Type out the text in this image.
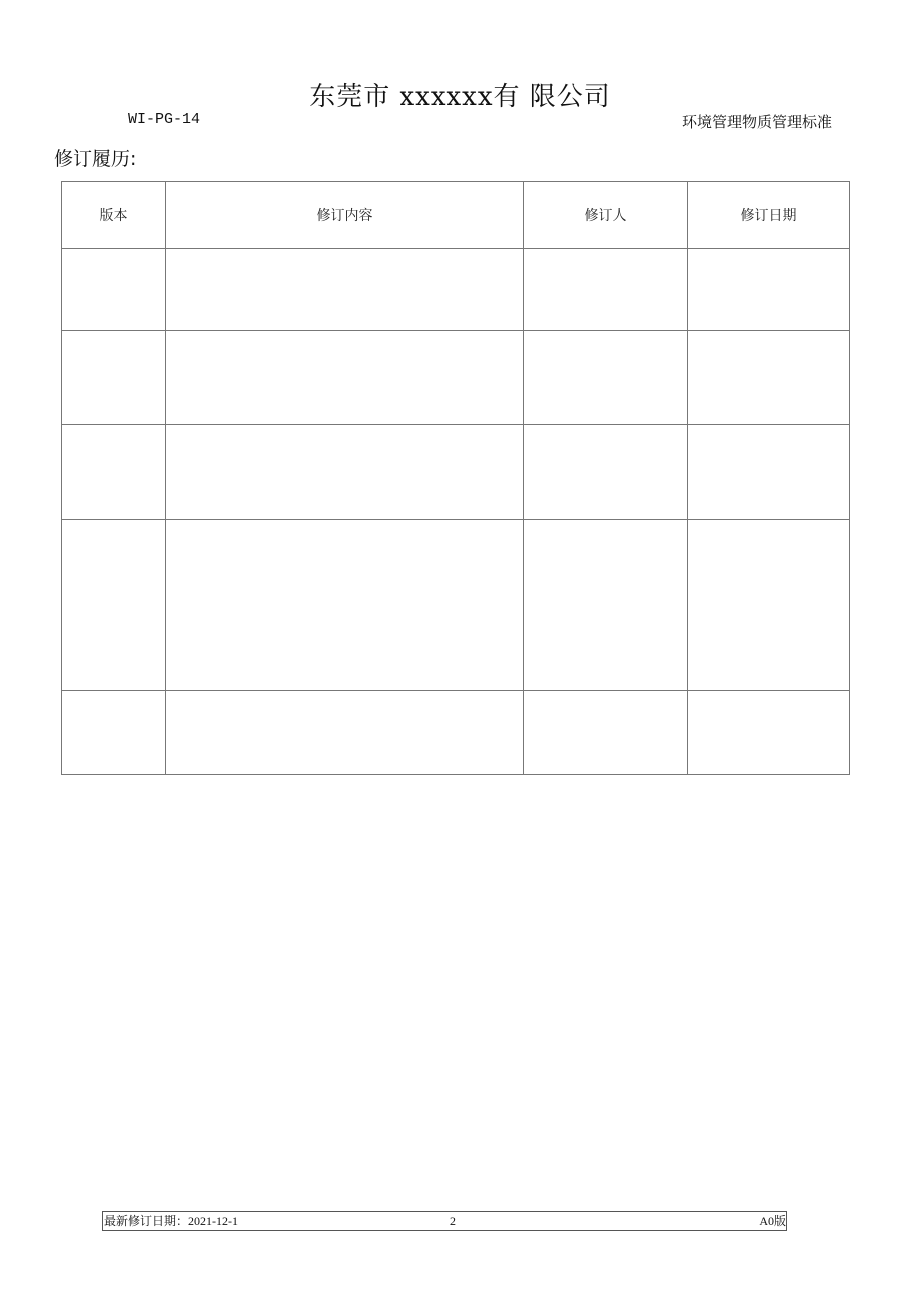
东莞市 xxxxxx有 限公司
WI-PG-14	环境管理物质管理标准
修订履历:
版本	修订内容	修订人	修订日期

最新修订日期：2021-12-1	2	A0版
